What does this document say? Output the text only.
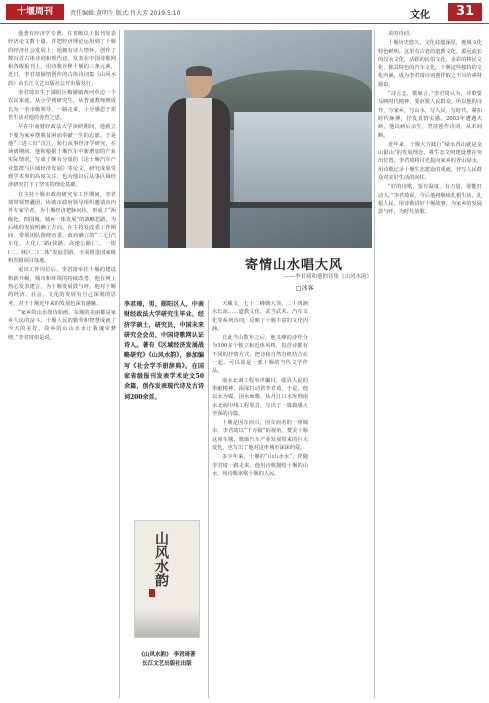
十堰周刊	责任编辑:黄明生 版式:肖大芳 2019.5.10	文化	31

他著有经济学专著，在省级以上报刊发表经济论文数十篇，并把经济理论运用到了十堰的经济社会发展上；他拥有诗人情怀，创作了数百首古体诗词和现代诗。发表在中国诗歌网和各级报刊上，用诗歌诠释十堰的三条元素，近日，李君琦倾情创作的古体诗词集《山风水韵》由长江文艺出版社公开出版发行。

李君琦出生于郧阳区梅铺镇西河草边一个农民家庭，从小学到研究生，从普通教师到成长为一名市级领导，一路走来，十分感恩于艰苦生活对他的养育之恩。

早在中南财经政法大学读研期间，他就立下要为家乡摆脱贫困而奉献一生的志愿。于是他“三进三出”汉江，转行从事经济学研究，在读研期间，他和根据十堰汽车中新增加的产业实际情况，写成了颇有分量的《论十堰汽车产业集群与区域经济发展》等论文，研究成果受到学术界的高度关注，也为他以后从事区域经济研究打下了坚实的理论基础。

在主持十堰市政府研究室工作期间，李君琦带领智囊团，协助市政府领导组织邀请市内外专家学者，为十堰经济把脉问诊，形成了“两级化、四国城、城乡一体发展”的战略思路，为后续的发展明确了方向。在主持发改委工作期间，带领团队围绕市委、政府确立的“二七(汽车化、大化)二路(快路、高速公路)二、一街(二、林区二)二体”发展思路，全面推进国家级和省级项目落地。

退出工作岗位后，李君琦牵挂十堰的建设和新升级，城市和环境的持续改善，他在网上热心发表建言，为十堰发展鼓与呼。他对十堰的经济、社会、文化的发展有自己深刻的思考，对于十堰近年来的发展也深有感触。

“家乡的山水如诗如画。东城的美丽都是家乡人民的奋斗。十堰人民的勤劳和智慧成就了今天的美好，故乡的山山水水让我魂牵梦绕。”李君琦如是说。

寄情山水唱大风
——李君琦和他的诗集《山风水韵》
□冰客

李君琦，男，郧阳区人，中南财经政法大学研究生毕业，经济学硕士，研究员，中国未来研究会会员，中国诗歌网认证诗人。著有《区域经济发展战略研究》《山风水韵》，参加编写《社会学手册辞典》。在国家省级报刊发表学术论文50余篇，创作发表现代诗及古诗词200余首。

山风水韵
《山风水韵》 李君琦著
长江文艺出版社出版

天藏文，七十二峰朝大顶，二十四涧水长流……道教文化、武当武术、汽车文化等系列诗词，反映了十堰丰富的文化内涵。

自此当山数年之后，他又峰的诗作分为100多个独立和近体风格，每首诗都有不同的抒情方式，把诗和自然有机结合在一起，可以说是一部十堰的当代文学作品。

南水北调工程举世瞩目，郧县人民的奉献精神，深深打动着李君琦。于是，他以水为媒、因水而歌，从丹江口水库到南水北调中线工程渠首，写出了一篇篇感人至深的诗篇。

十堰是因车而兴、因车而名的一座城市。李君琦以“千万级”的视角，赞美十堰这座车城，歌颂汽车产业发展带来的巨大变化，也写出了他对这座城市深深的爱。

多少年来，十堰的“山山水水”，伴随李君琦一路走来，他用诗歌描绘十堰的山水，用诗歌讴歌十堰的人民。

美的诗词。

十堰历史悠久，文化底蕴深厚，地域文化特色鲜明。这里有古老的道教文化，源远流长的汉水文化，活跃的民俗文化，多彩的移民文化，独具特色的汽车文化。十堰这些独特的文化内涵，成为李君琦诗词创作取之不尽的素材源泉。

“诗言志，歌咏言。”李君琦认为，诗歌要反映时代精神，要讴歌人民群众。所以他的诗作，写家乡，写山水，写人民，写时代，紧扣时代脉搏，抒发真情实感。2003年遭遇大病，他以病后余生，坚持创作诗词，从未间断。

近年来，十堰大力践行“绿水青山就是金山银山”的发展理念，将生态文明建设摆在突出位置。李君琦将目光投向家乡的青山绿水，用诗歌记录十堰生态建设的成就，抒写人民群众对美好生活的向往。

“好的诗歌，要有温度、有力量，要能打动人。”李君琦说，今后他将继续扎根生活，扎根人民，用诗歌讲好十堰故事，为家乡的发展鼓与呼，为时代放歌。
